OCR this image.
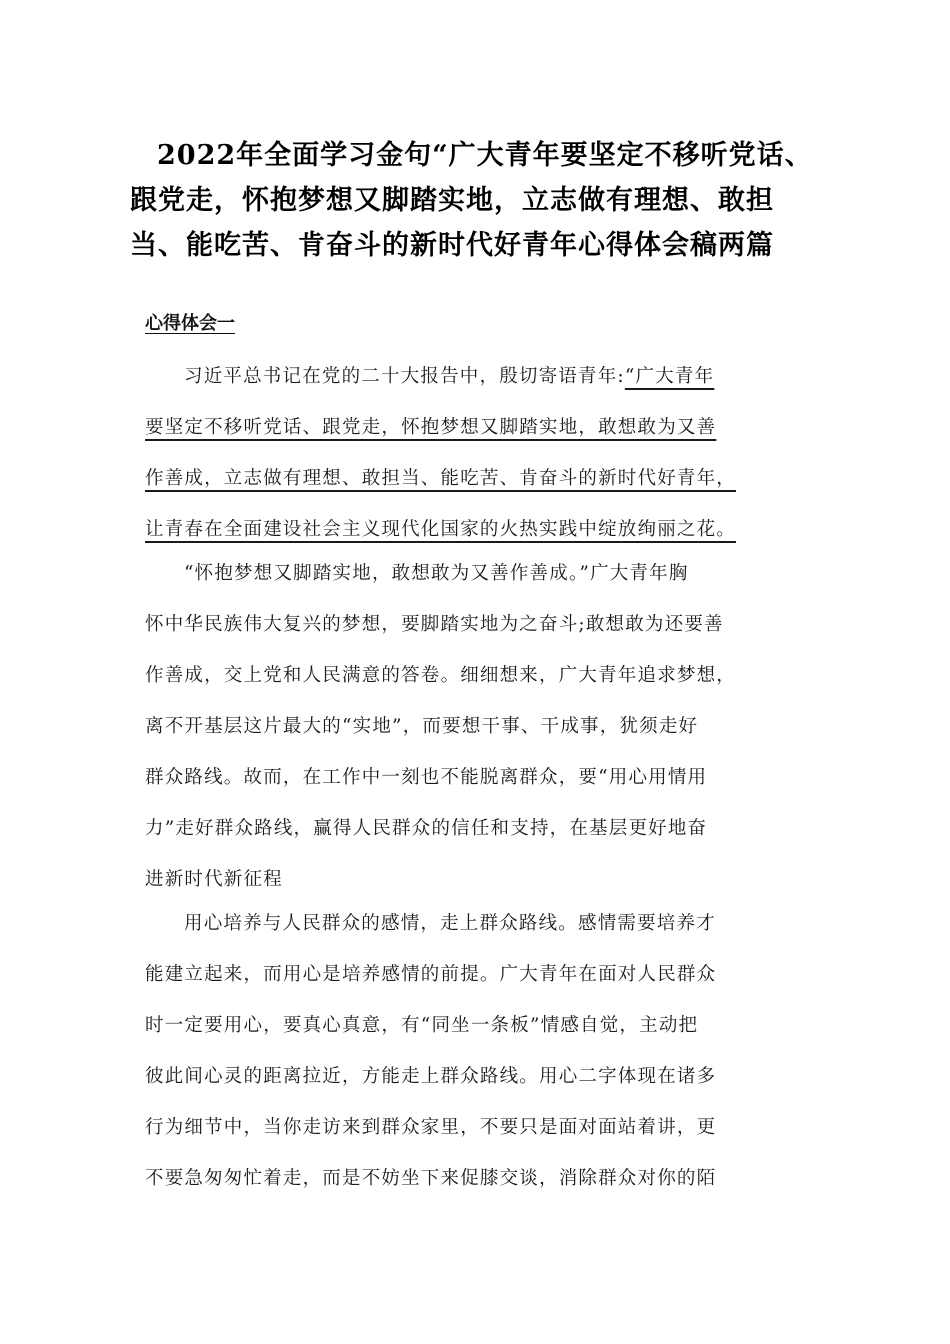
2022年全面学习金句“广大青年要坚定不移听党话、
跟党走，怀抱梦想又脚踏实地，立志做有理想、敢担
当、能吃苦、肯奋斗的新时代好青年心得体会稿两篇
心得体会一
习近平总书记在党的二十大报告中，殷切寄语青年:“广大青年
要坚定不移听党话、跟党走，怀抱梦想又脚踏实地，敢想敢为又善
作善成，立志做有理想、敢担当、能吃苦、肯奋斗的新时代好青年，
让青春在全面建设社会主义现代化国家的火热实践中绽放绚丽之花。
“怀抱梦想又脚踏实地，敢想敢为又善作善成。”广大青年胸
怀中华民族伟大复兴的梦想，要脚踏实地为之奋斗;敢想敢为还要善
作善成，交上党和人民满意的答卷。细细想来，广大青年追求梦想，
离不开基层这片最大的“实地”，而要想干事、干成事，犹须走好
群众路线。故而，在工作中一刻也不能脱离群众，要“用心用情用
力”走好群众路线，赢得人民群众的信任和支持，在基层更好地奋
进新时代新征程
用心培养与人民群众的感情，走上群众路线。感情需要培养才
能建立起来，而用心是培养感情的前提。广大青年在面对人民群众
时一定要用心，要真心真意，有“同坐一条板”情感自觉，主动把
彼此间心灵的距离拉近，方能走上群众路线。用心二字体现在诸多
行为细节中，当你走访来到群众家里，不要只是面对面站着讲，更
不要急匆匆忙着走，而是不妨坐下来促膝交谈，消除群众对你的陌
